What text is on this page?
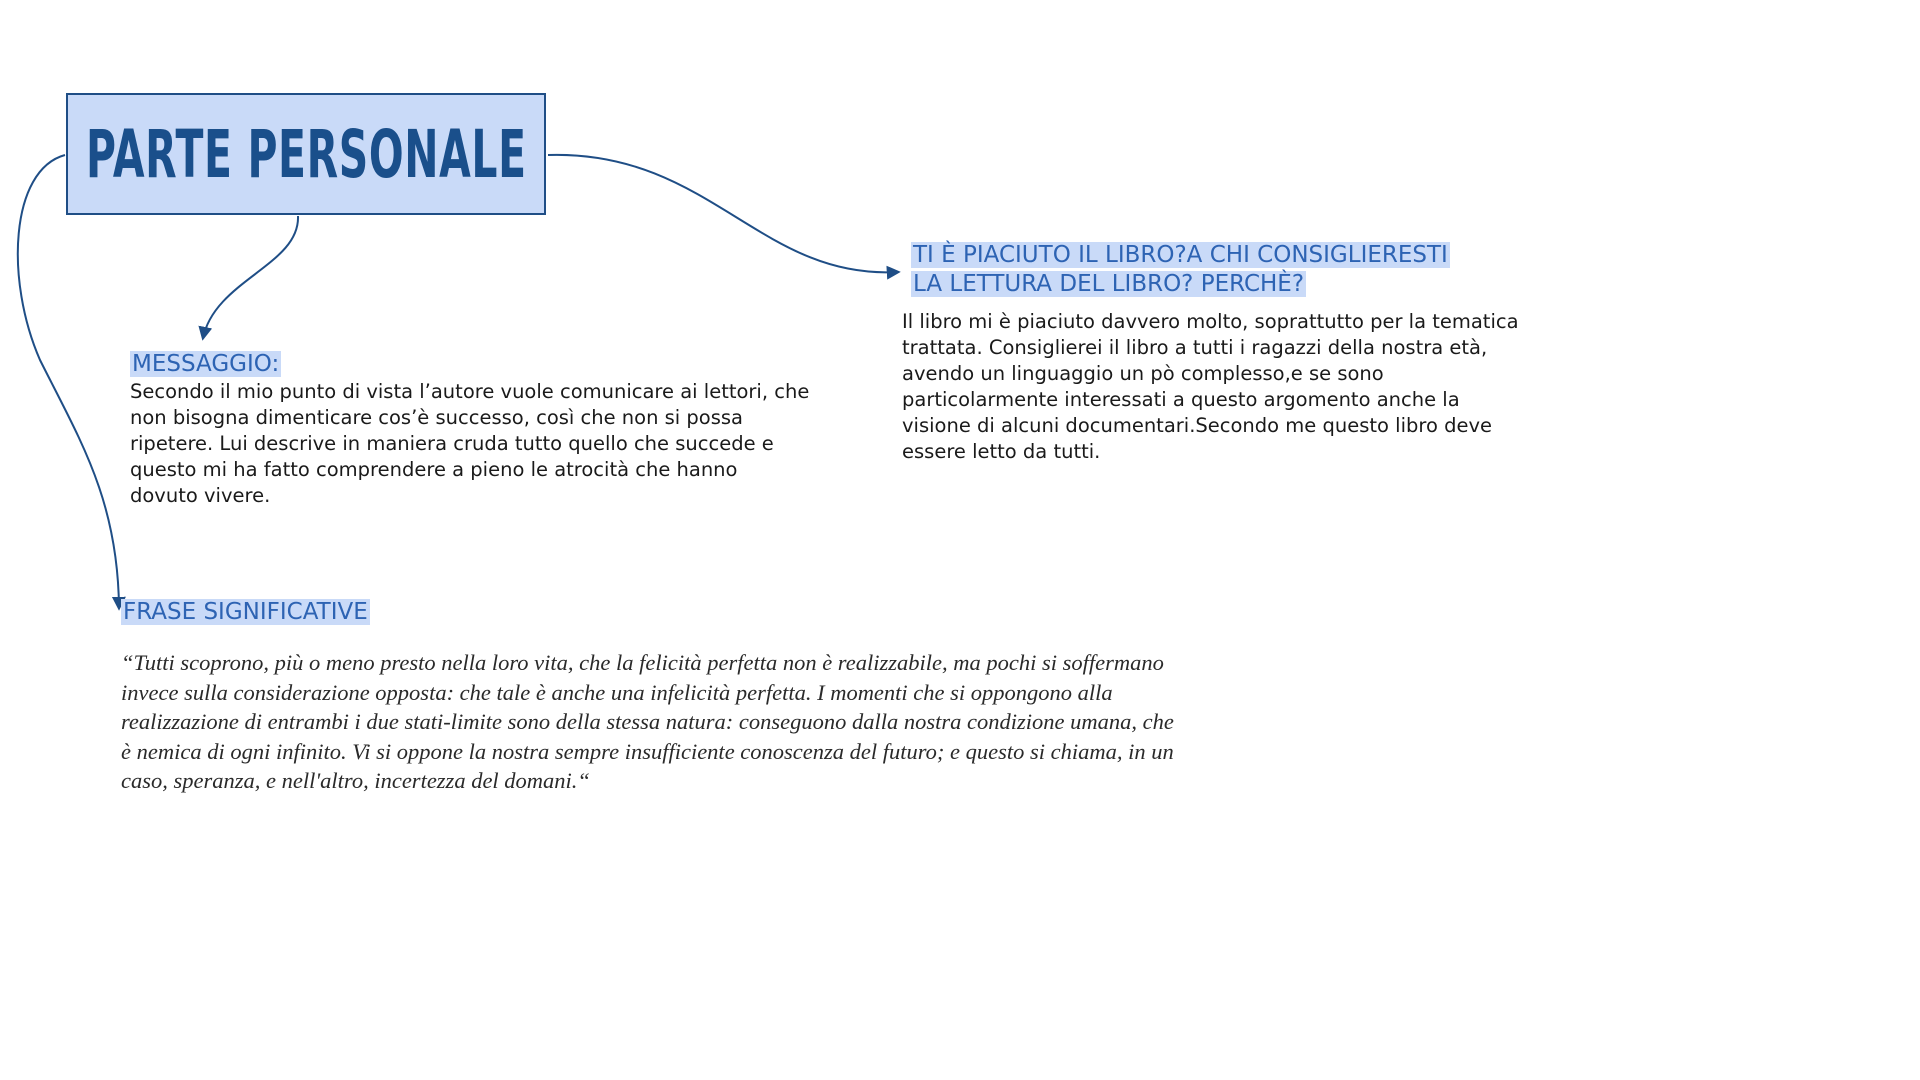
PARTE PERSONALE
MESSAGGIO:

Secondo il mio punto di vista l’autore vuole comunicare ai lettori, che non bisogna dimenticare cos’è successo, così che non si possa ripetere. Lui descrive in maniera cruda tutto quello che succede e questo mi ha fatto comprendere a pieno le atrocità che hanno dovuto vivere.

TI È PIACIUTO IL LIBRO?A CHI CONSIGLIERESTI
LA LETTURA DEL LIBRO? PERCHÈ?

Il libro mi è piaciuto davvero molto, soprattutto per la tematica trattata. Consiglierei il libro a tutti i ragazzi della nostra età, avendo un linguaggio un pò complesso,e se sono particolarmente interessati a questo argomento anche la visione di alcuni documentari.Secondo me questo libro deve essere letto da tutti.

FRASE SIGNIFICATIVE
“Tutti scoprono, più o meno presto nella loro vita, che la felicità perfetta non è realizzabile, ma pochi si soffermano invece sulla considerazione opposta: che tale è anche una infelicità perfetta. I momenti che si oppongono alla realizzazione di entrambi i due stati-limite sono della stessa natura: conseguono dalla nostra condizione umana, che è nemica di ogni infinito. Vi si oppone la nostra sempre insufficiente conoscenza del futuro; e questo si chiama, in un caso, speranza, e nell'altro, incertezza del domani.“
